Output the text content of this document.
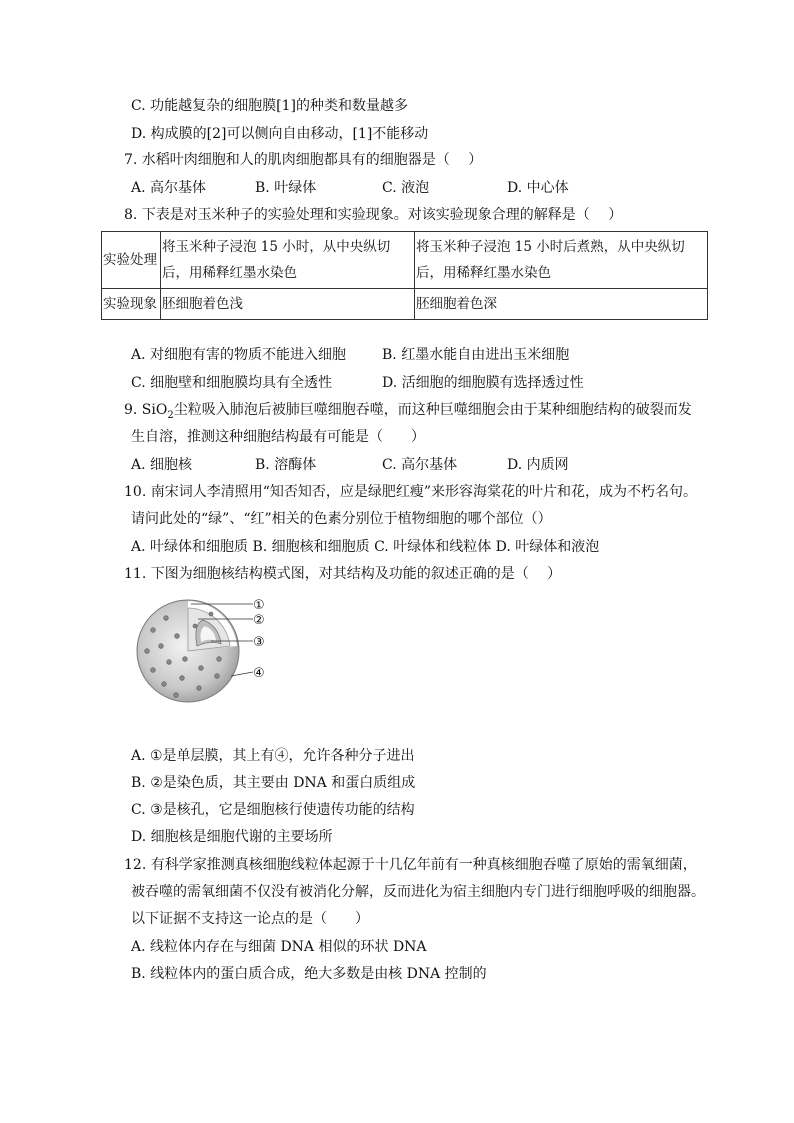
C. 功能越复杂的细胞膜[1]的种类和数量越多
D. 构成膜的[2]可以侧向自由移动，[1]不能移动
7. 水稻叶肉细胞和人的肌肉细胞都具有的细胞器是（　 ）
A. 高尔基体	B. 叶绿体	C. 液泡	D. 中心体
8. 下表是对玉米种子的实验处理和实验现象。对该实验现象合理的解释是（　 ）
实验处理	将玉米种子浸泡 15 小时，从中央纵切后，用稀释红墨水染色	将玉米种子浸泡 15 小时后煮熟，从中央纵切后，用稀释红墨水染色
实验现象	胚细胞着色浅	胚细胞着色深
A. 对细胞有害的物质不能进入细胞	B. 红墨水能自由进出玉米细胞
C. 细胞壁和细胞膜均具有全透性	D. 活细胞的细胞膜有选择透过性
9. SiO$_2$尘粒吸入肺泡后被肺巨噬细胞吞噬，而这种巨噬细胞会由于某种细胞结构的破裂而发
生自溶，推测这种细胞结构最有可能是（　　）
A. 细胞核	B. 溶酶体	C. 高尔基体	D. 内质网
10. 南宋词人李清照用“知否知否，应是绿肥红瘦”来形容海棠花的叶片和花，成为不朽名句。
请问此处的“绿”、“红”相关的色素分别位于植物细胞的哪个部位（）
A. 叶绿体和细胞质 B. 细胞核和细胞质 C. 叶绿体和线粒体 D. 叶绿体和液泡
11. 下图为细胞核结构模式图，对其结构及功能的叙述正确的是（　 ）
①
②
③
④
A. ①是单层膜，其上有④，允许各种分子进出
B. ②是染色质，其主要由 DNA 和蛋白质组成
C. ③是核孔，它是细胞核行使遗传功能的结构
D. 细胞核是细胞代谢的主要场所
12. 有科学家推测真核细胞线粒体起源于十几亿年前有一种真核细胞吞噬了原始的需氧细菌，
被吞噬的需氧细菌不仅没有被消化分解，反而进化为宿主细胞内专门进行细胞呼吸的细胞器。
以下证据不支持这一论点的是（　　）
A. 线粒体内存在与细菌 DNA 相似的环状 DNA
B. 线粒体内的蛋白质合成，绝大多数是由核 DNA 控制的
